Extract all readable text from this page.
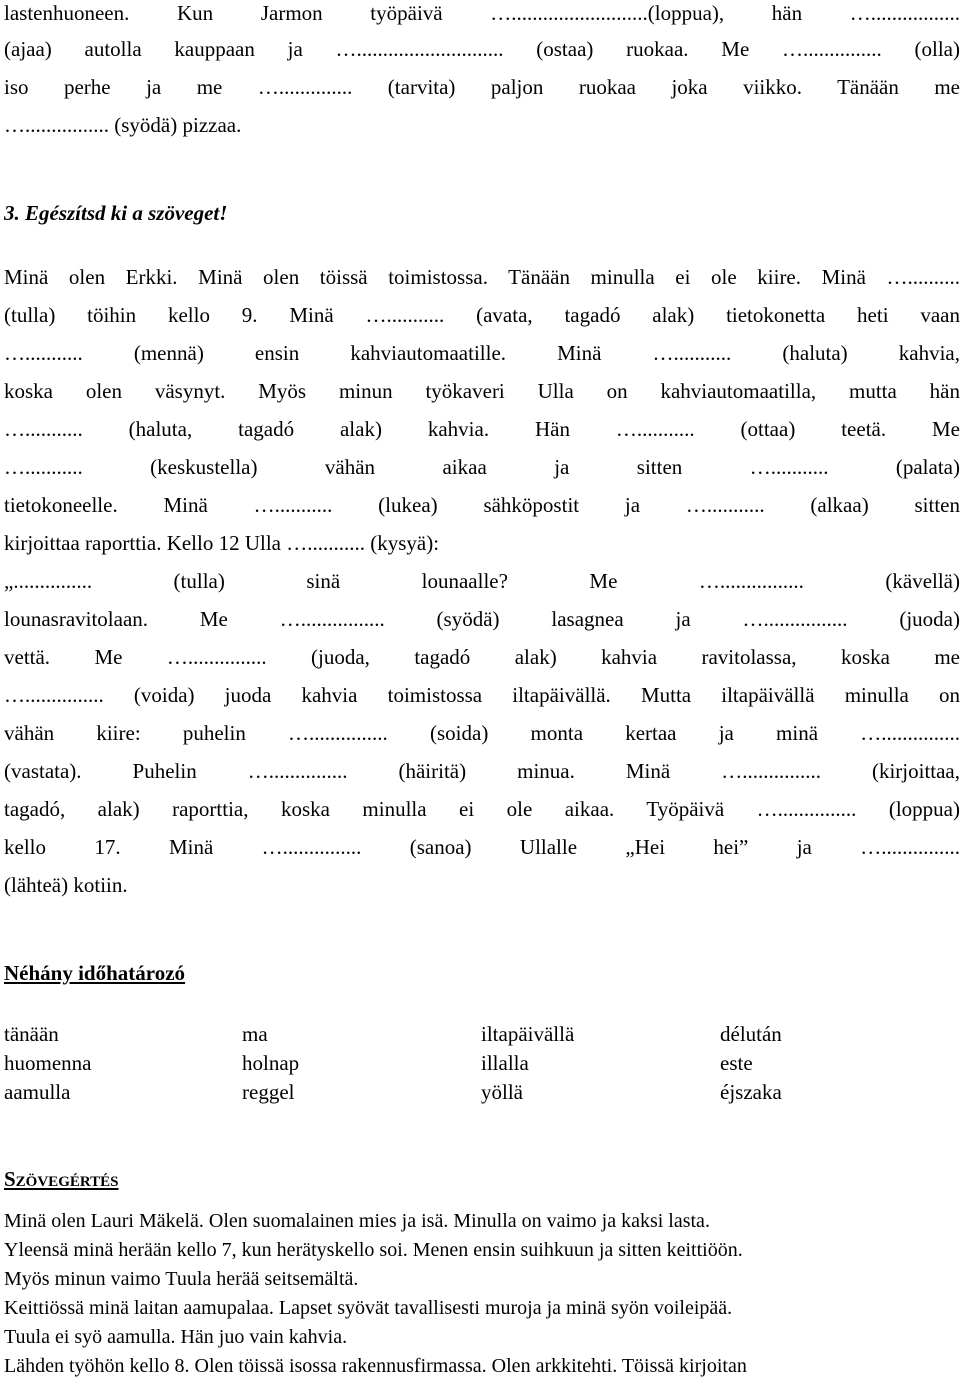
lastenhuoneen. Kun Jarmon työpäivä …..........................(loppua), hän ….................
(ajaa) autolla kauppaan ja …............................ (ostaa) ruokaa. Me …............... (olla)
iso perhe ja me ….............. (tarvita) paljon ruokaa joka viikko. Tänään me
…................ (syödä) pizzaa.
3. Egészítsd ki a szöveget!
Minä olen Erkki. Minä olen töissä toimistossa. Tänään minulla ei ole kiire. Minä …..........
(tulla) töihin kello 9. Minä …........... (avata, tagadó alak) tietokonetta heti vaan
…........... (mennä) ensin kahviautomaatille. Minä …........... (haluta) kahvia,
koska olen väsynyt. Myös minun työkaveri Ulla on kahviautomaatilla, mutta hän
…........... (haluta, tagadó alak) kahvia. Hän …........... (ottaa) teetä. Me
…........... (keskustella) vähän aikaa ja sitten …........... (palata)
tietokoneelle. Minä …........... (lukea) sähköpostit ja …........... (alkaa) sitten
kirjoittaa raporttia. Kello 12 Ulla …........... (kysyä):
„............... (tulla) sinä lounaalle? Me …................ (kävellä)
lounasravitolaan. Me …................ (syödä) lasagnea ja …................ (juoda)
vettä. Me …............... (juoda, tagadó alak) kahvia ravitolassa, koska me
…............... (voida) juoda kahvia toimistossa iltapäivällä. Mutta iltapäivällä minulla on
vähän kiire: puhelin …............... (soida) monta kertaa ja minä …...............
(vastata). Puhelin …............... (häiritä) minua. Minä …............... (kirjoittaa,
tagadó, alak) raporttia, koska minulla ei ole aikaa. Työpäivä …............... (loppua)
kello 17. Minä …............... (sanoa) Ullalle „Hei hei” ja …...............
(lähteä) kotiin.
Néhány időhatározó
tänään	ma	iltapäivällä	délután
huomenna	holnap	illalla	este
aamulla	reggel	yöllä	éjszaka
Szövegértés
Minä olen Lauri Mäkelä. Olen suomalainen mies ja isä. Minulla on vaimo ja kaksi lasta.
Yleensä minä herään kello 7, kun herätyskello soi. Menen ensin suihkuun ja sitten keittiöön.
Myös minun vaimo Tuula herää seitsemältä.
Keittiössä minä laitan aamupalaa. Lapset syövät tavallisesti muroja ja minä syön voileipää.
Tuula ei syö aamulla. Hän juo vain kahvia.
Lähden työhön kello 8. Olen töissä isossa rakennusfirmassa. Olen arkkitehti. Töissä kirjoitan
